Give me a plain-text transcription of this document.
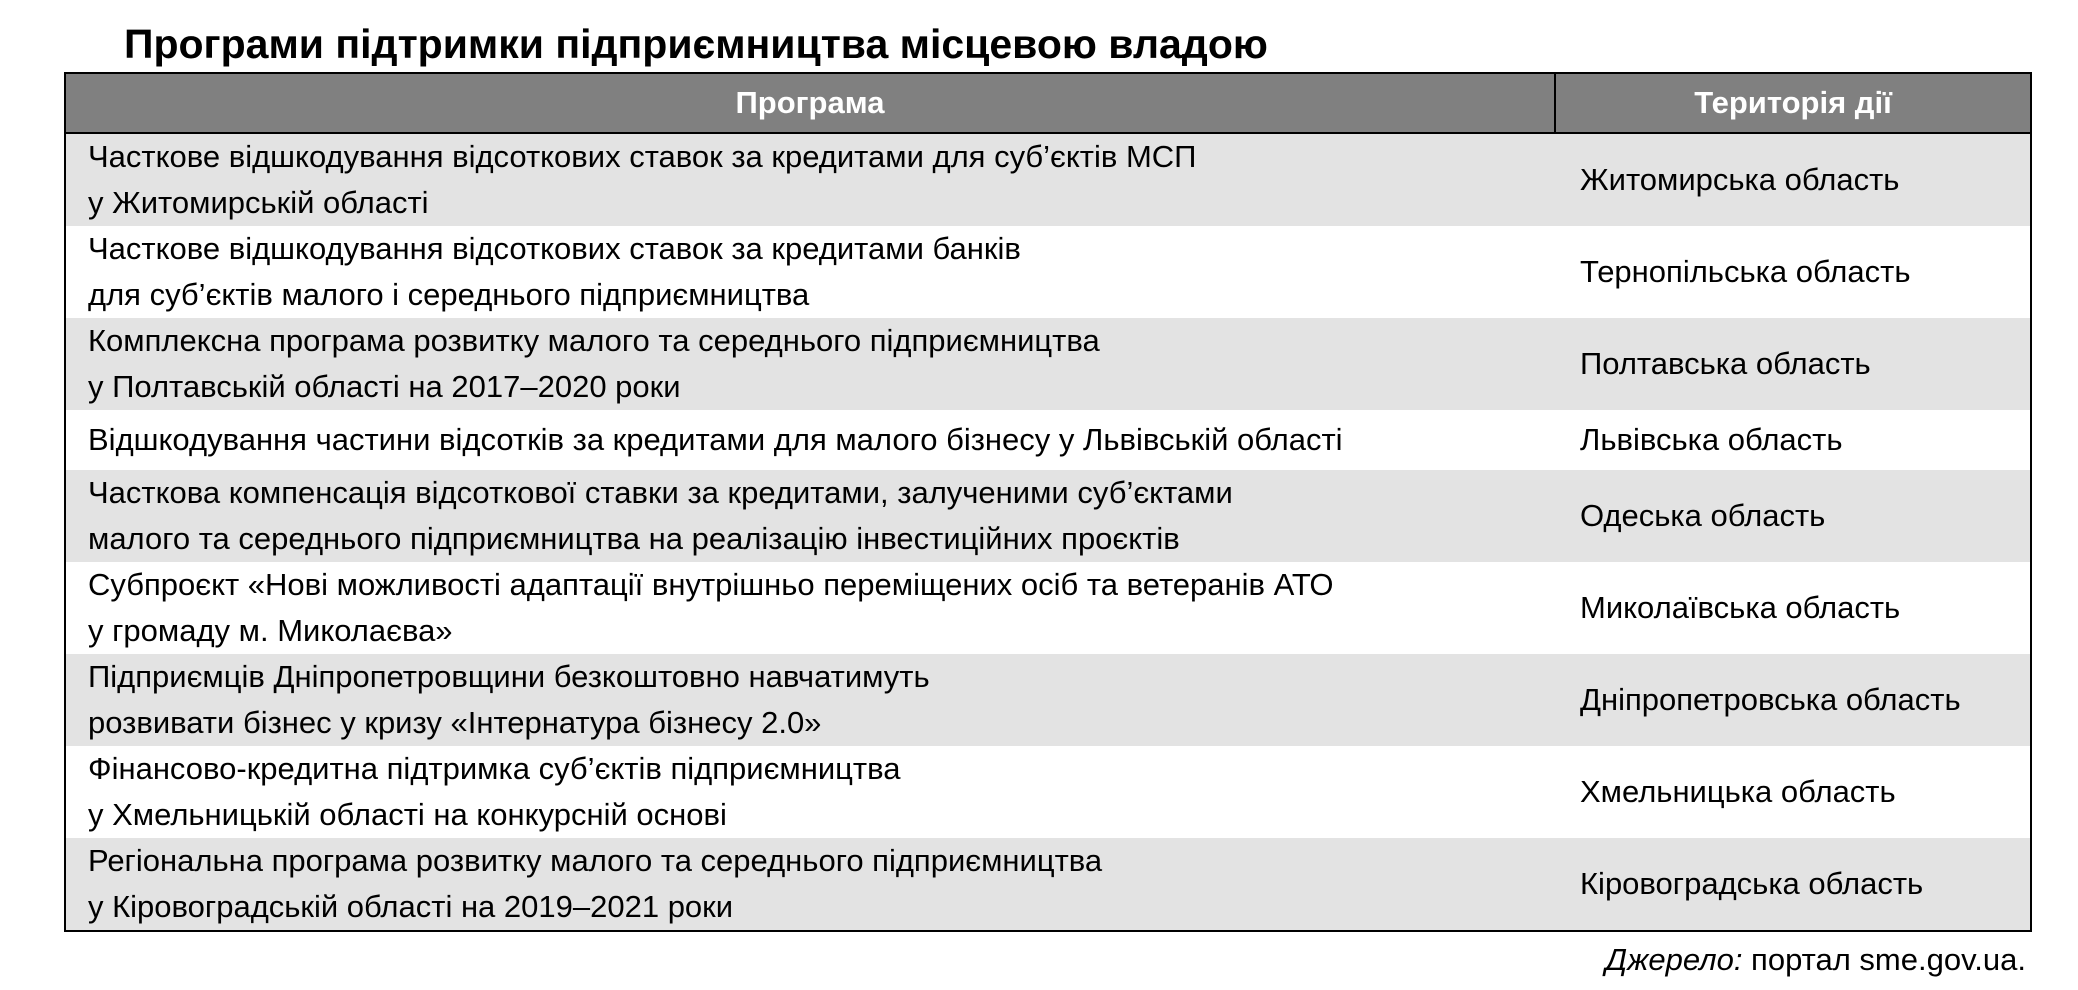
Програми підтримки підприємництва місцевою владою
Програма	Територія дії
Часткове відшкодування відсоткових ставок за кредитами для суб’єктів МСП
у Житомирській області
Житомирська область
Часткове відшкодування відсоткових ставок за кредитами банків
для суб’єктів малого і середнього підприємництва
Тернопільська область
Комплексна програма розвитку малого та середнього підприємництва
у Полтавській області на 2017–2020 роки
Полтавська область
Відшкодування частини відсотків за кредитами для малого бізнесу у Львівській області	Львівська область
Часткова компенсація відсоткової ставки за кредитами, залученими суб’єктами
малого та середнього підприємництва на реалізацію інвестиційних проєктів
Одеська область
Субпроєкт «Нові можливості адаптації внутрішньо переміщених осіб та ветеранів АТО
у громаду м. Миколаєва»
Миколаївська область
Підприємців Дніпропетровщини безкоштовно навчатимуть
розвивати бізнес у кризу «Інтернатура бізнесу 2.0»
Дніпропетровська область
Фінансово-кредитна підтримка суб’єктів підприємництва
у Хмельницькій області на конкурсній основі
Хмельницька область
Регіональна програма розвитку малого та середнього підприємництва
у Кіровоградській області на 2019–2021 роки
Кіровоградська область
Джерело: портал sme.gov.ua.
